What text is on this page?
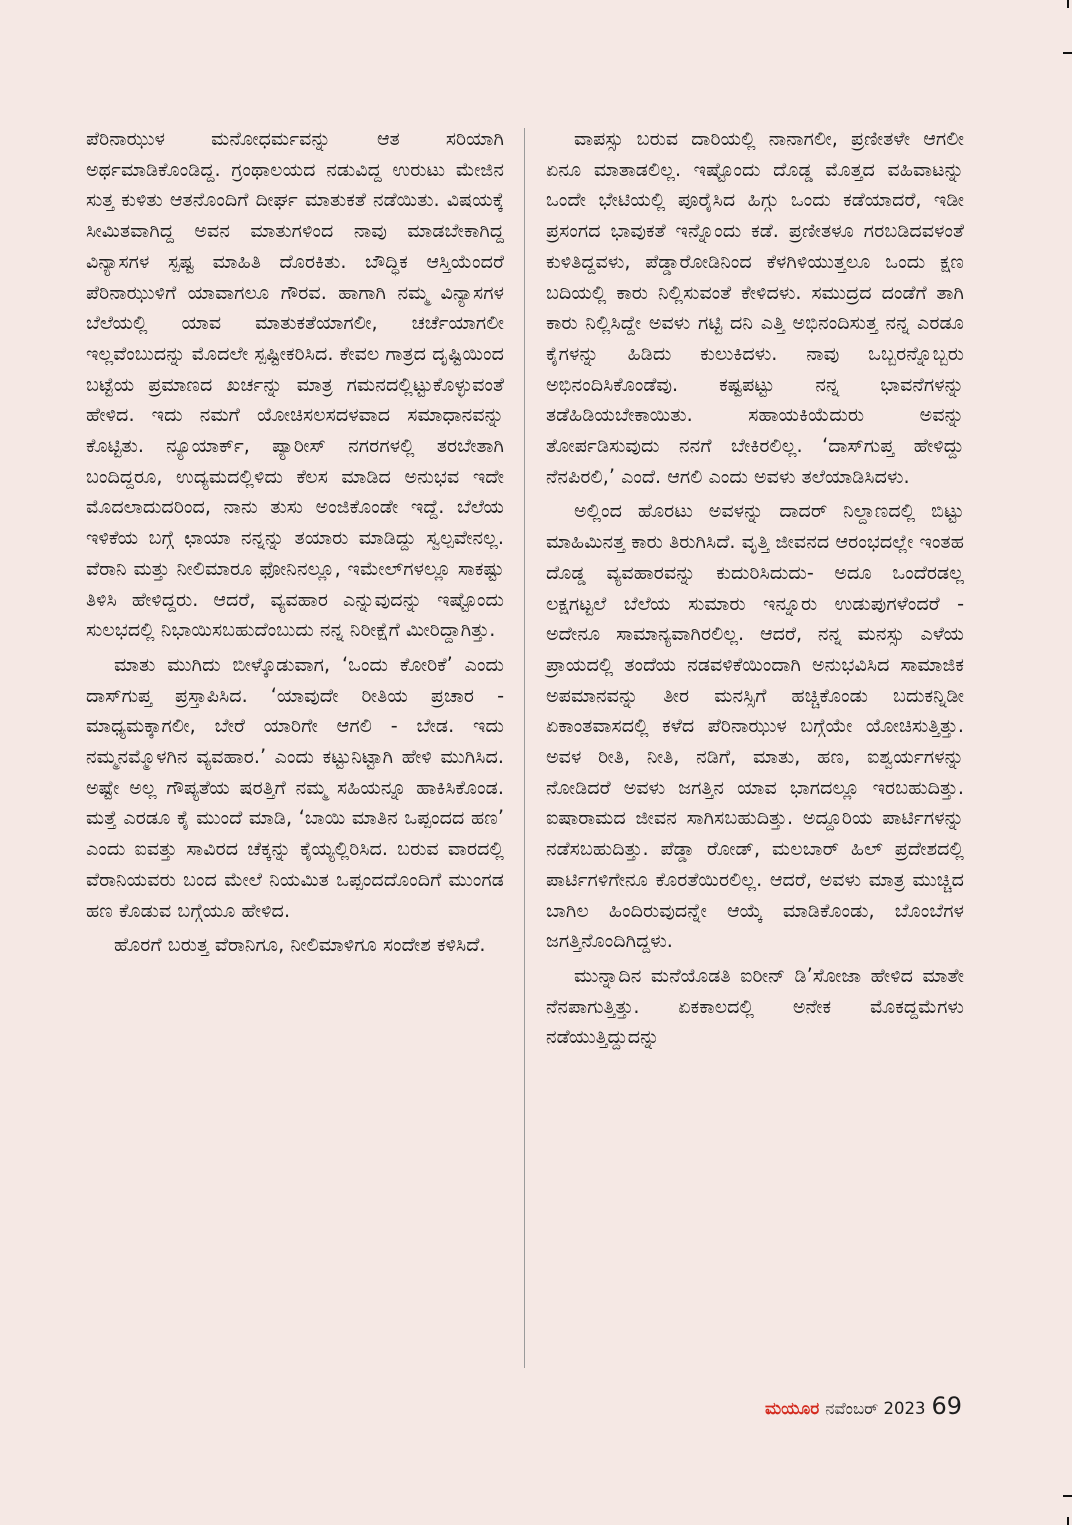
ಪೆರಿನಾಝುಳ ಮನೋಧರ್ಮವನ್ನು ಆತ ಸರಿಯಾಗಿ ಅರ್ಥಮಾಡಿಕೊಂಡಿದ್ದ. ಗ್ರಂಥಾಲಯದ ನಡುವಿದ್ದ ಉರುಟು ಮೇಜಿನ ಸುತ್ತ ಕುಳಿತು ಆತನೊಂದಿಗೆ ದೀರ್ಘ ಮಾತುಕತೆ ನಡೆಯಿತು. ವಿಷಯಕ್ಕೆ ಸೀಮಿತವಾಗಿದ್ದ ಅವನ ಮಾತುಗಳಿಂದ ನಾವು ಮಾಡಬೇಕಾಗಿದ್ದ ವಿನ್ಯಾಸಗಳ ಸ್ಪಷ್ಟ ಮಾಹಿತಿ ದೊರಕಿತು. ಬೌದ್ಧಿಕ ಆಸ್ತಿಯೆಂದರೆ ಪೆರಿನಾಝುಳಿಗೆ ಯಾವಾಗಲೂ ಗೌರವ. ಹಾಗಾಗಿ ನಮ್ಮ ವಿನ್ಯಾಸಗಳ ಬೆಲೆಯಲ್ಲಿ ಯಾವ ಮಾತುಕತೆಯಾಗಲೀ, ಚರ್ಚೆಯಾಗಲೀ ಇಲ್ಲವೆಂಬುದನ್ನು ಮೊದಲೇ ಸ್ಪಷ್ಟೀಕರಿಸಿದ. ಕೇವಲ ಗಾತ್ರದ ದೃಷ್ಟಿಯಿಂದ ಬಟ್ಟೆಯ ಪ್ರಮಾಣದ ಖರ್ಚನ್ನು ಮಾತ್ರ ಗಮನದಲ್ಲಿಟ್ಟುಕೊಳ್ಳುವಂತೆ ಹೇಳಿದ. ಇದು ನಮಗೆ ಯೋಚಿಸಲಸದಳವಾದ ಸಮಾಧಾನವನ್ನು ಕೊಟ್ಟಿತು. ನ್ಯೂಯಾರ್ಕ್, ಪ್ಯಾರೀಸ್ ನಗರಗಳಲ್ಲಿ ತರಬೇತಾಗಿ ಬಂದಿದ್ದರೂ, ಉದ್ಯಮದಲ್ಲಿಳಿದು ಕೆಲಸ ಮಾಡಿದ ಅನುಭವ ಇದೇ ಮೊದಲಾದುದರಿಂದ, ನಾನು ತುಸು ಅಂಜಿಕೊಂಡೇ ಇದ್ದೆ. ಬೆಲೆಯ ಇಳಿಕೆಯ ಬಗ್ಗೆ ಛಾಯಾ ನನ್ನನ್ನು ತಯಾರು ಮಾಡಿದ್ದು ಸ್ವಲ್ಪವೇನಲ್ಲ. ವೆರಾನಿ ಮತ್ತು ನೀಲಿಮಾರೂ ಫೋನಿನಲ್ಲೂ, ಇಮೇಲ್‌ಗಳಲ್ಲೂ ಸಾಕಷ್ಟು ತಿಳಿಸಿ ಹೇಳಿದ್ದರು. ಆದರೆ, ವ್ಯವಹಾರ ಎನ್ನುವುದನ್ನು ಇಷ್ಟೊಂದು ಸುಲಭದಲ್ಲಿ ನಿಭಾಯಿಸಬಹುದೆಂಬುದು ನನ್ನ ನಿರೀಕ್ಷೆಗೆ ಮೀರಿದ್ದಾಗಿತ್ತು.

ಮಾತು ಮುಗಿದು ಬೀಳ್ಕೊಡುವಾಗ, ‘ಒಂದು ಕೋರಿಕೆ’ ಎಂದು ದಾಸ್‌ಗುಪ್ತ ಪ್ರಸ್ತಾಪಿಸಿದ. ‘ಯಾವುದೇ ರೀತಿಯ ಪ್ರಚಾರ - ಮಾಧ್ಯಮಕ್ಕಾಗಲೀ, ಬೇರೆ ಯಾರಿಗೇ ಆಗಲಿ - ಬೇಡ. ಇದು ನಮ್ಮನಮ್ಮೊಳಗಿನ ವ್ಯವಹಾರ.’ ಎಂದು ಕಟ್ಟುನಿಟ್ಟಾಗಿ ಹೇಳಿ ಮುಗಿಸಿದ. ಅಷ್ಟೇ ಅಲ್ಲ ಗೌಪ್ಯತೆಯ ಷರತ್ತಿಗೆ ನಮ್ಮ ಸಹಿಯನ್ನೂ ಹಾಕಿಸಿಕೊಂಡ. ಮತ್ತೆ ಎರಡೂ ಕೈ ಮುಂದೆ ಮಾಡಿ, ‘ಬಾಯಿ ಮಾತಿನ ಒಪ್ಪಂದದ ಹಣ’ ಎಂದು ಐವತ್ತು ಸಾವಿರದ ಚೆಕ್ಕನ್ನು ಕೈಯ್ಯಲ್ಲಿರಿಸಿದ. ಬರುವ ವಾರದಲ್ಲಿ ವೆರಾನಿಯವರು ಬಂದ ಮೇಲೆ ನಿಯಮಿತ ಒಪ್ಪಂದದೊಂದಿಗೆ ಮುಂಗಡ ಹಣ ಕೊಡುವ ಬಗ್ಗೆಯೂ ಹೇಳಿದ.

ಹೊರಗೆ ಬರುತ್ತ ವೆರಾನಿಗೂ, ನೀಲಿಮಾಳಿಗೂ ಸಂದೇಶ ಕಳಿಸಿದೆ.

ವಾಪಸ್ಸು ಬರುವ ದಾರಿಯಲ್ಲಿ ನಾನಾಗಲೀ, ಪ್ರಣೀತಳೇ ಆಗಲೀ ಏನೂ ಮಾತಾಡಲಿಲ್ಲ. ಇಷ್ಟೊಂದು ದೊಡ್ಡ ಮೊತ್ತದ ವಹಿವಾಟನ್ನು ಒಂದೇ ಭೇಟಿಯಲ್ಲಿ ಪೂರೈಸಿದ ಹಿಗ್ಗು ಒಂದು ಕಡೆಯಾದರೆ, ಇಡೀ ಪ್ರಸಂಗದ ಭಾವುಕತೆ ಇನ್ನೊಂದು ಕಡೆ. ಪ್ರಣೀತಳೂ ಗರಬಡಿದವಳಂತೆ ಕುಳಿತಿದ್ದವಳು, ಪೆಡ್ಡಾರೋಡಿನಿಂದ ಕೆಳಗಿಳಿಯುತ್ತಲೂ ಒಂದು ಕ್ಷಣ ಬದಿಯಲ್ಲಿ ಕಾರು ನಿಲ್ಲಿಸುವಂತೆ ಕೇಳಿದಳು. ಸಮುದ್ರದ ದಂಡೆಗೆ ತಾಗಿ ಕಾರು ನಿಲ್ಲಿಸಿದ್ದೇ ಅವಳು ಗಟ್ಟಿ ದನಿ ಎತ್ತಿ ಅಭಿನಂದಿಸುತ್ತ ನನ್ನ ಎರಡೂ ಕೈಗಳನ್ನು ಹಿಡಿದು ಕುಲುಕಿದಳು. ನಾವು ಒಬ್ಬರನ್ನೊಬ್ಬರು ಅಭಿನಂದಿಸಿಕೊಂಡೆವು. ಕಷ್ಟಪಟ್ಟು ನನ್ನ ಭಾವನೆಗಳನ್ನು ತಡೆಹಿಡಿಯಬೇಕಾಯಿತು. ಸಹಾಯಕಿಯೆದುರು ಅವನ್ನು ತೋರ್ಪಡಿಸುವುದು ನನಗೆ ಬೇಕಿರಲಿಲ್ಲ. ‘ದಾಸ್‌ಗುಪ್ತ ಹೇಳಿದ್ದು ನೆನಪಿರಲಿ,’ ಎಂದೆ. ಆಗಲಿ ಎಂದು ಅವಳು ತಲೆಯಾಡಿಸಿದಳು.

ಅಲ್ಲಿಂದ ಹೊರಟು ಅವಳನ್ನು ದಾದರ್ ನಿಲ್ದಾಣದಲ್ಲಿ ಬಿಟ್ಟು ಮಾಹಿಮಿನತ್ತ ಕಾರು ತಿರುಗಿಸಿದೆ. ವೃತ್ತಿ ಜೀವನದ ಆರಂಭದಲ್ಲೇ ಇಂತಹ ದೊಡ್ಡ ವ್ಯವಹಾರವನ್ನು ಕುದುರಿಸಿದುದು- ಅದೂ ಒಂದೆರಡಲ್ಲ ಲಕ್ಷಗಟ್ಟಲೆ ಬೆಲೆಯ ಸುಮಾರು ಇನ್ನೂರು ಉಡುಪುಗಳೆಂದರೆ - ಅದೇನೂ ಸಾಮಾನ್ಯವಾಗಿರಲಿಲ್ಲ. ಆದರೆ, ನನ್ನ ಮನಸ್ಸು ಎಳೆಯ ಪ್ರಾಯದಲ್ಲಿ ತಂದೆಯ ನಡವಳಿಕೆಯಿಂದಾಗಿ ಅನುಭವಿಸಿದ ಸಾಮಾಜಿಕ ಅಪಮಾನವನ್ನು ತೀರ ಮನಸ್ಸಿಗೆ ಹಚ್ಚಿಕೊಂಡು ಬದುಕನ್ನಿಡೀ ಏಕಾಂತವಾಸದಲ್ಲಿ ಕಳೆದ ಪೆರಿನಾಝುಳ ಬಗ್ಗೆಯೇ ಯೋಚಿಸುತ್ತಿತ್ತು. ಅವಳ ರೀತಿ, ನೀತಿ, ನಡಿಗೆ, ಮಾತು, ಹಣ, ಐಶ್ವರ್ಯಗಳನ್ನು ನೋಡಿದರೆ ಅವಳು ಜಗತ್ತಿನ ಯಾವ ಭಾಗದಲ್ಲೂ ಇರಬಹುದಿತ್ತು. ಐಷಾರಾಮದ ಜೀವನ ಸಾಗಿಸಬಹುದಿತ್ತು. ಅದ್ದೂರಿಯ ಪಾರ್ಟಿಗಳನ್ನು ನಡೆಸಬಹುದಿತ್ತು. ಪೆಡ್ಡಾ ರೋಡ್, ಮಲಬಾರ್ ಹಿಲ್ ಪ್ರದೇಶದಲ್ಲಿ ಪಾರ್ಟಿಗಳಿಗೇನೂ ಕೊರತೆಯಿರಲಿಲ್ಲ. ಆದರೆ, ಅವಳು ಮಾತ್ರ ಮುಚ್ಚಿದ ಬಾಗಿಲ ಹಿಂದಿರುವುದನ್ನೇ ಆಯ್ಕೆ ಮಾಡಿಕೊಂಡು, ಬೊಂಬೆಗಳ ಜಗತ್ತಿನೊಂದಿಗಿದ್ದಳು.

ಮುನ್ನಾದಿನ ಮನೆಯೊಡತಿ ಐರೀನ್ ಡಿ’ಸೋಜಾ ಹೇಳಿದ ಮಾತೇ ನೆನಪಾಗುತ್ತಿತ್ತು. ಏಕಕಾಲದಲ್ಲಿ ಅನೇಕ ಮೊಕದ್ದಮೆಗಳು ನಡೆಯುತ್ತಿದ್ದುದನ್ನು

ಮಯೂರ ನವೆಂಬರ್ 2023 69
